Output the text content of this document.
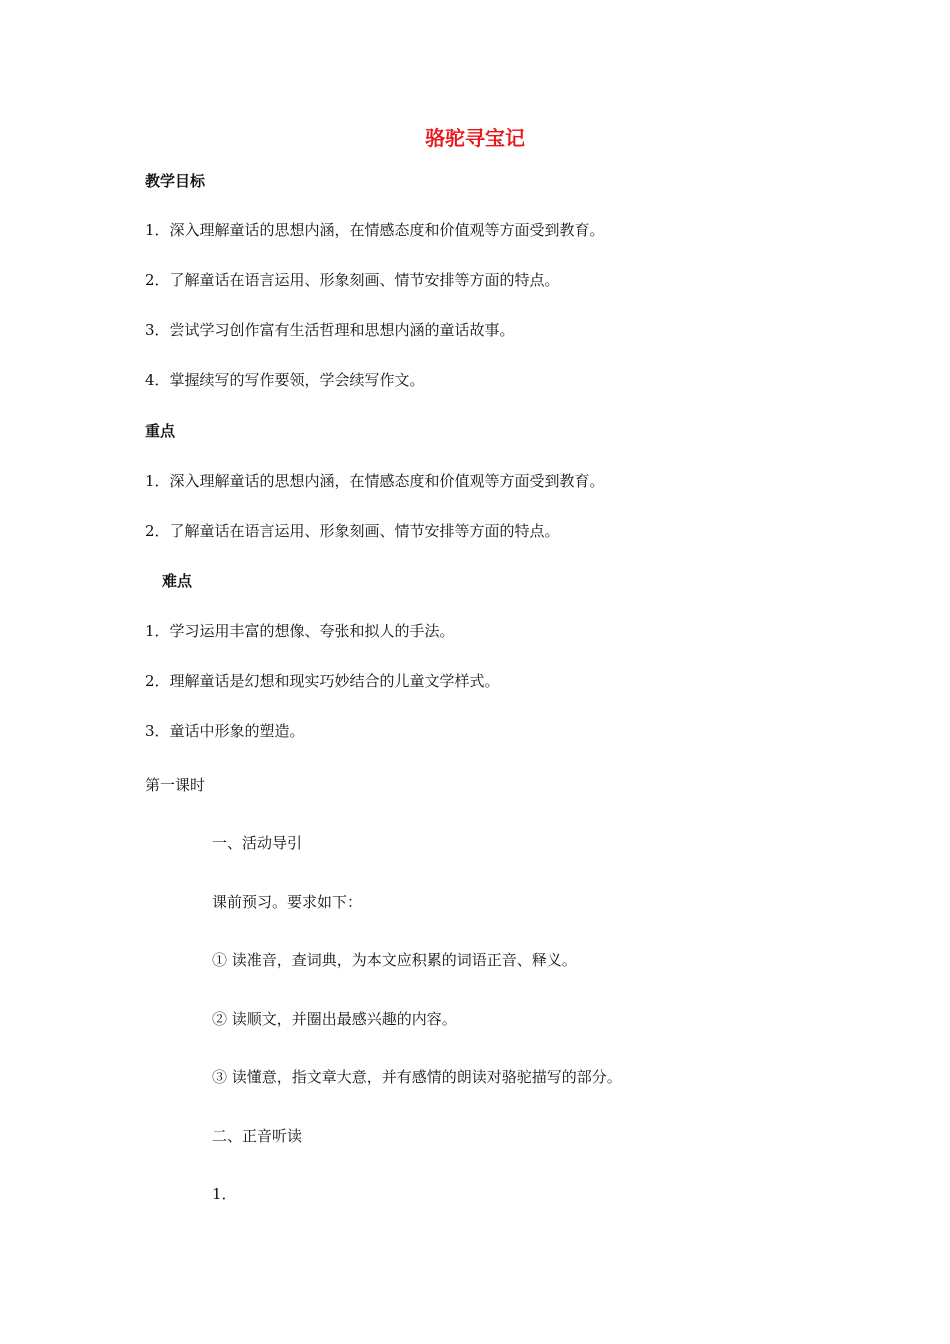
骆驼寻宝记
教学目标
1．深入理解童话的思想内涵，在情感态度和价值观等方面受到教育。
2．了解童话在语言运用、形象刻画、情节安排等方面的特点。
3．尝试学习创作富有生活哲理和思想内涵的童话故事。
4．掌握续写的写作要领，学会续写作文。
重点
1．深入理解童话的思想内涵，在情感态度和价值观等方面受到教育。
2．了解童话在语言运用、形象刻画、情节安排等方面的特点。
难点
1．学习运用丰富的想像、夸张和拟人的手法。
2．理解童话是幻想和现实巧妙结合的儿童文学样式。
3．童话中形象的塑造。
第一课时
一、活动导引
课前预习。要求如下：
① 读准音，查词典，为本文应积累的词语正音、释义。
② 读顺文，并圈出最感兴趣的内容。
③ 读懂意，指文章大意，并有感情的朗读对骆驼描写的部分。
二、正音听读
1．
